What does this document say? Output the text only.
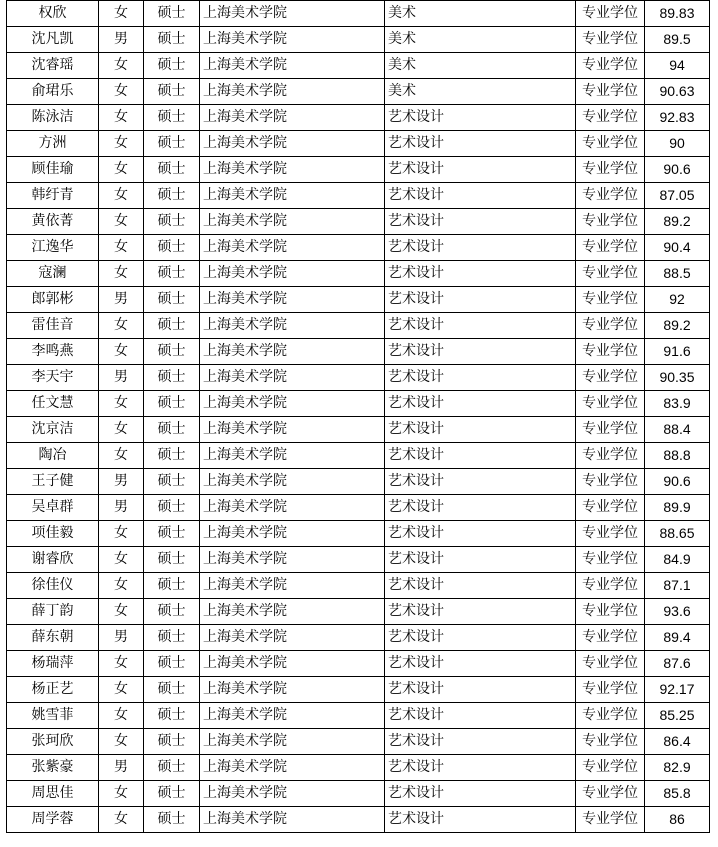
权欣	女	硕士	上海美术学院	美术	专业学位	89.83
沈凡凯	男	硕士	上海美术学院	美术	专业学位	89.5
沈睿瑶	女	硕士	上海美术学院	美术	专业学位	94
俞珺乐	女	硕士	上海美术学院	美术	专业学位	90.63
陈泳洁	女	硕士	上海美术学院	艺术设计	专业学位	92.83
方洲	女	硕士	上海美术学院	艺术设计	专业学位	90
顾佳瑜	女	硕士	上海美术学院	艺术设计	专业学位	90.6
韩纡青	女	硕士	上海美术学院	艺术设计	专业学位	87.05
黄依菁	女	硕士	上海美术学院	艺术设计	专业学位	89.2
江逸华	女	硕士	上海美术学院	艺术设计	专业学位	90.4
寇澜	女	硕士	上海美术学院	艺术设计	专业学位	88.5
郎郭彬	男	硕士	上海美术学院	艺术设计	专业学位	92
雷佳音	女	硕士	上海美术学院	艺术设计	专业学位	89.2
李鸣燕	女	硕士	上海美术学院	艺术设计	专业学位	91.6
李天宇	男	硕士	上海美术学院	艺术设计	专业学位	90.35
任文慧	女	硕士	上海美术学院	艺术设计	专业学位	83.9
沈京洁	女	硕士	上海美术学院	艺术设计	专业学位	88.4
陶冶	女	硕士	上海美术学院	艺术设计	专业学位	88.8
王子健	男	硕士	上海美术学院	艺术设计	专业学位	90.6
吴卓群	男	硕士	上海美术学院	艺术设计	专业学位	89.9
项佳毅	女	硕士	上海美术学院	艺术设计	专业学位	88.65
谢睿欣	女	硕士	上海美术学院	艺术设计	专业学位	84.9
徐佳仪	女	硕士	上海美术学院	艺术设计	专业学位	87.1
薛丁韵	女	硕士	上海美术学院	艺术设计	专业学位	93.6
薛东朝	男	硕士	上海美术学院	艺术设计	专业学位	89.4
杨瑞萍	女	硕士	上海美术学院	艺术设计	专业学位	87.6
杨正艺	女	硕士	上海美术学院	艺术设计	专业学位	92.17
姚雪菲	女	硕士	上海美术学院	艺术设计	专业学位	85.25
张珂欣	女	硕士	上海美术学院	艺术设计	专业学位	86.4
张紫豪	男	硕士	上海美术学院	艺术设计	专业学位	82.9
周思佳	女	硕士	上海美术学院	艺术设计	专业学位	85.8
周学蓉	女	硕士	上海美术学院	艺术设计	专业学位	86
